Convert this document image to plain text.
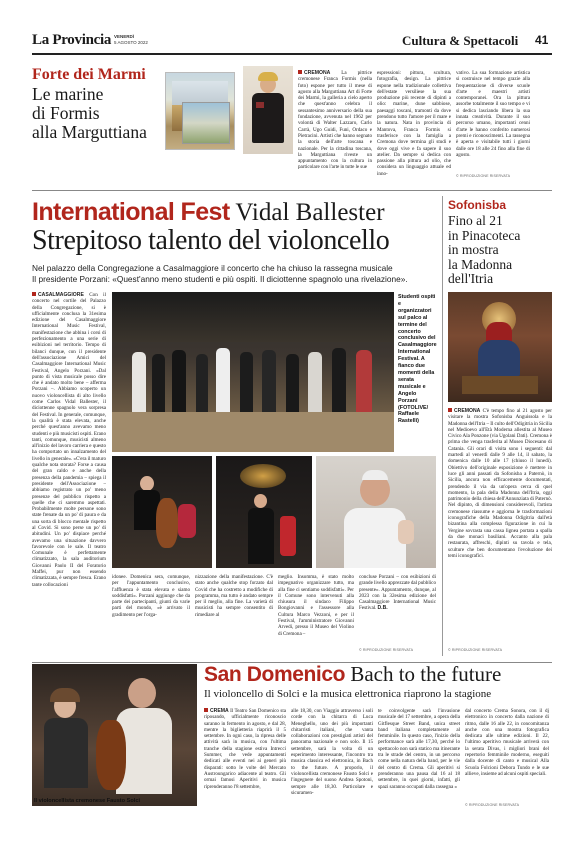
La Provincia VENERDÌ
5 AGOSTO 2022	Cultura & Spettacoli 41
Forte dei Marmi
Le marine
di Formis
alla Marguttiana
CREMONA La pittrice cremonese Franca Formis (nella foto) espone per tutto il mese di agosto alla Marguttiana Art di Forte dei Marmi, la galleria a cielo aperto che quest'anno celebra il sessantesimo anniversario della sua fondazione, avvenuta nel 1962 per volontà di Walter Lazzaro, Carlo Carrà, Ugo Guidi, Funi, Ordaco e Pietracini. Artisti che hanno segnato la storia dell'arte toscana e nazionale. Per la cittadina toscana, la Marguttiana rivestе un appuntamento con la cultura in particolare con l'arte in tutte le sue
espressioni: pittura, scultura, fotografia, design. La pittrice espone nella tradizionale collettiva dell'estate versiliese la sua produzione più recente di dipinti a olio: marine, dune sabbiose, paesaggi toscani, tramonti da dove prendono tutto l'amore per il mare e la natura. Nata in provincia di Mantova, Franca Formis si trasferisce con la famiglia a Cremona dove termina gli studi e dove oggi vive e fa sapere il suo atelier. Da sempre si dedica con passione alla pittura ad olio, che considera un linguaggio attuale ed inno-
vativo. La sua formazione artistica si costruisce nel tempo grazie alla frequentazione di diverse scuole d'arte e maestri artisti contemporanei. Ora la pittura assorbe totalmente il suo tempo e vi si dedica lasciando libera la sua innata creatività. Durante il suo percorso umano, importanti cenni d'arte le hanno conferito numerosi premi e riconoscimenti. La rassegna è aperta e visitabile tutti i giorni dalle ore 18 alle 24 fino alla fine di agosto.
© RIPRODUZIONE RISERVATA
International Fest Vidal Ballester
Strepitoso talento del violoncello
Nel palazzo della Congregazione a Casalmaggiore il concerto che ha chiuso la rassegna musicale
Il presidente Porzani: «Quest'anno meno studenti e più ospiti. Il diciottenne spagnolo una rivelazione».
CASALMAGGIORE Con il concerto nel cortile del Palazzo della Congregazione, si è ufficialmente conclusa la 31esima edizione del Casalmaggiore International Music Festival, manifestazione che abbina i corsi di perfezionamento a una serie di esibizioni nel territorio. Tempo di bilanci dunque, con il presidente dell'associazione Amici del Casalmaggiore International Music Festival, Angelo Porzani. «Dal punto di vista musicale posso dire che è andato molto bene – afferma Porzani –. Abbiamo scoperto un nuovo violoncellista di alto livello come Carlos Vidal Ballester, il diciottenne spagnolo vera sorpresa del Festival. In generale, comunque, la qualità è stata elevata, anche perché quest'anno avevamo meno studenti e più musicisti ospiti. Erano tanti, comunque, musicisti almeno all'inizio del lavoro carriera e questo ha comportato un innalzamento del livello in generale». «C'era il maturo qualche nota storata? Forse a causa del gran caldo e anche della presenza della pandemia – spiega il presidente dell'Associazione – abbiamo registrato un po' meno presenze del pubblico rispetto a quelle che ci saremmo aspettati. Probabilmente molte persone sono state frenate da un po' di paura e da una sorta di blocco mentale rispetto al Covid. Si sono perse un po' di abitudini. Un po' dispiace perché avevamo una situazione davvero favorevole con le sale. Il teatro Comunale è perfettamente climatizzato, la sala auditorium Giovanni Paolo II del Foratorio Maffei, pur non essendo climatizzata, è sempre fresca. Erano tante collocazioni
Studenti ospiti e organizzatori sul palco al termine del concerto conclusivo del Casalmaggiore International Festival. A fianco due momenti della serata musicale e Angelo Porzani (FOTOLIVE/ Raffaele Rastelli)
idonee. Domenica sera, comunque, per l'appuntamento conclusivo, l'affluenza è stata elevata e siamo soddisfatti». Porzani aggiunge che da parte dei partecipanti, giunti da varie parti del mondo, «è arrivato il gradimento per l'orga-
nizzazione della manifestazione. C'è stato anche qualche stop forzato dal Covid che ha costretto a modifiche di programma, ma tutto è andato sempre per il meglio, alla fine. La varietà di musicisti ha sempre consentito di rimediare al
meglio. Insomma, è stato molto impegnativo organizzare tutto, ma alla fine ci sentiamo soddisfatti». Per il Comune sono intervenuti alla chiusura il sindaco Filippo Bongiovanni e l'assessore alla Cultura Marco Vezzoni, e per il Festival, l'amministratore Giovanni Arvedi, presso il Museo del Violino di Cremona –
concluse Porzani – con esibizioni di grande livello apprezzate dal pubblico presente». Appuntamento, dunque, al 2023 con la 32esima edizione del Casalmaggiore International Music Festival. D.B.
© RIPRODUZIONE RISERVATA
Sofonisba
Fino al 21
in Pinacoteca
in mostra
la Madonna
dell'Itria
CREMONA C'è tempo fino al 21 agosto per visitare la mostra Sofonisba Anguissola e la Madonna dell'Itria – Il culto dell'Odigitria in Sicilia nel Medioevo all'Età Moderna allestita al Museo Civico Ala Ponzone (via Ugolani Dati). Cremona è prima che venga trasferita al Museo Diocesano di Catania. Gli orari di visita sono i seguenti: dal martedì al venerdì dalle 9 alle 14, il sabato, la domenica dalle 10 alle 17 (chiuso il lunedì). Obiettivo dell'originale esposizione è mettere in luce gli anni passati da Sofonisba a Paternò, in Sicilia, ancora non efficacemente documentati, prendendo il via da un'opera cerca di quel momento, la pala della Madonna dell'Itria, oggi patrimonio della chiesa dell'Annunziata di Paternò. Nel dipinto, di dimensioni considerevoli, l'artista cremonese riassume e aggiorna le trasformazioni iconografiche della Madonna Odigitria dall'età bizantina alla complessa figurazione in cui la Vergine sovrasta una cassa lignea portata a spalla da due monaci basiliani. Accanto alla pala restaurata, affreschi, dipinti su tavola e tela, sculture che ben documentano l'evoluzione dei temi iconografici.
© RIPRODUZIONE RISERVATA
Il violoncellista cremonese Fausto Solci
San Domenico Bach to the future
Il violoncello di Solci e la musica elettronica riaprono la stagione
CREMA Il Teatro San Domenico sta riposando, ufficialmente riconoscio saranno in fermento in agosto, e dal 28, mentre la biglietteria riaprirà il 5 settembre. In ogni caso, la ripresa delle attività sarà in musica, con l'ultima tranche della stagione estiva Intrecci Summer, che vede appuntamenti dedicati alle eventi nei ai generi più disparati: sotto le volte del Mercato Austroungarico adiacente al teatro. Gli ormai famosi Aperitivi in musica riprenderanno l'8 settembre,
alle 18,30, con Viaggio attraverso i soli corde con la chitarra di Luca Meneghello, uno dei più importanti chitarristi italiani, che vanta collaborazioni con prestigiati artisti del panorama nazionale e non solo. Il 15 settembre, sarà la volta di un esperimento interessante, l'incontro tra musica classica ed elettronica, in Bach to the future. A proporlo, il violoncellista cremonese Fausto Solci e l'ingegnere del suono Andrea Spotoni, sempre alle 18,30. Particolare e sicuramen-
te coinvolgente sarà l'invasione musicale del 17 settembre, a opera della Gitflesque Street Band, unica street band italiana completamente al femminile. In questo caso, l'inizio della performance sarà alle 17,30, perché lo spettacolo non sarà statico ma itinerante tra le strade del centro, in un percorso come nella natura della band, per le vie del centro di Crema. Gli aperitivi si prenderanno una pausa dal 16 al 18 settembre, in quei giorni, infatti, gli spazi saranno occupati dalla rassegna «
dal concerto Crema Sonora, con il dj elettronico in concerto dalla nazione di ritmo, dalle 16 alle 22, in concomitanza anche con una mostra fotografica dedicata alle ultime edizioni. Il 22, l'ultimo aperitivo musicale arriverà con la serata Divas, i migliori brani del repertorio femminile moderno, eseguiti dalla docente di canto e musical Alla Scuola Folcioni Debora Tundo e le sue allieve, insieme ad alcuni ospiti speciali.
© RIPRODUZIONE RISERVATA
